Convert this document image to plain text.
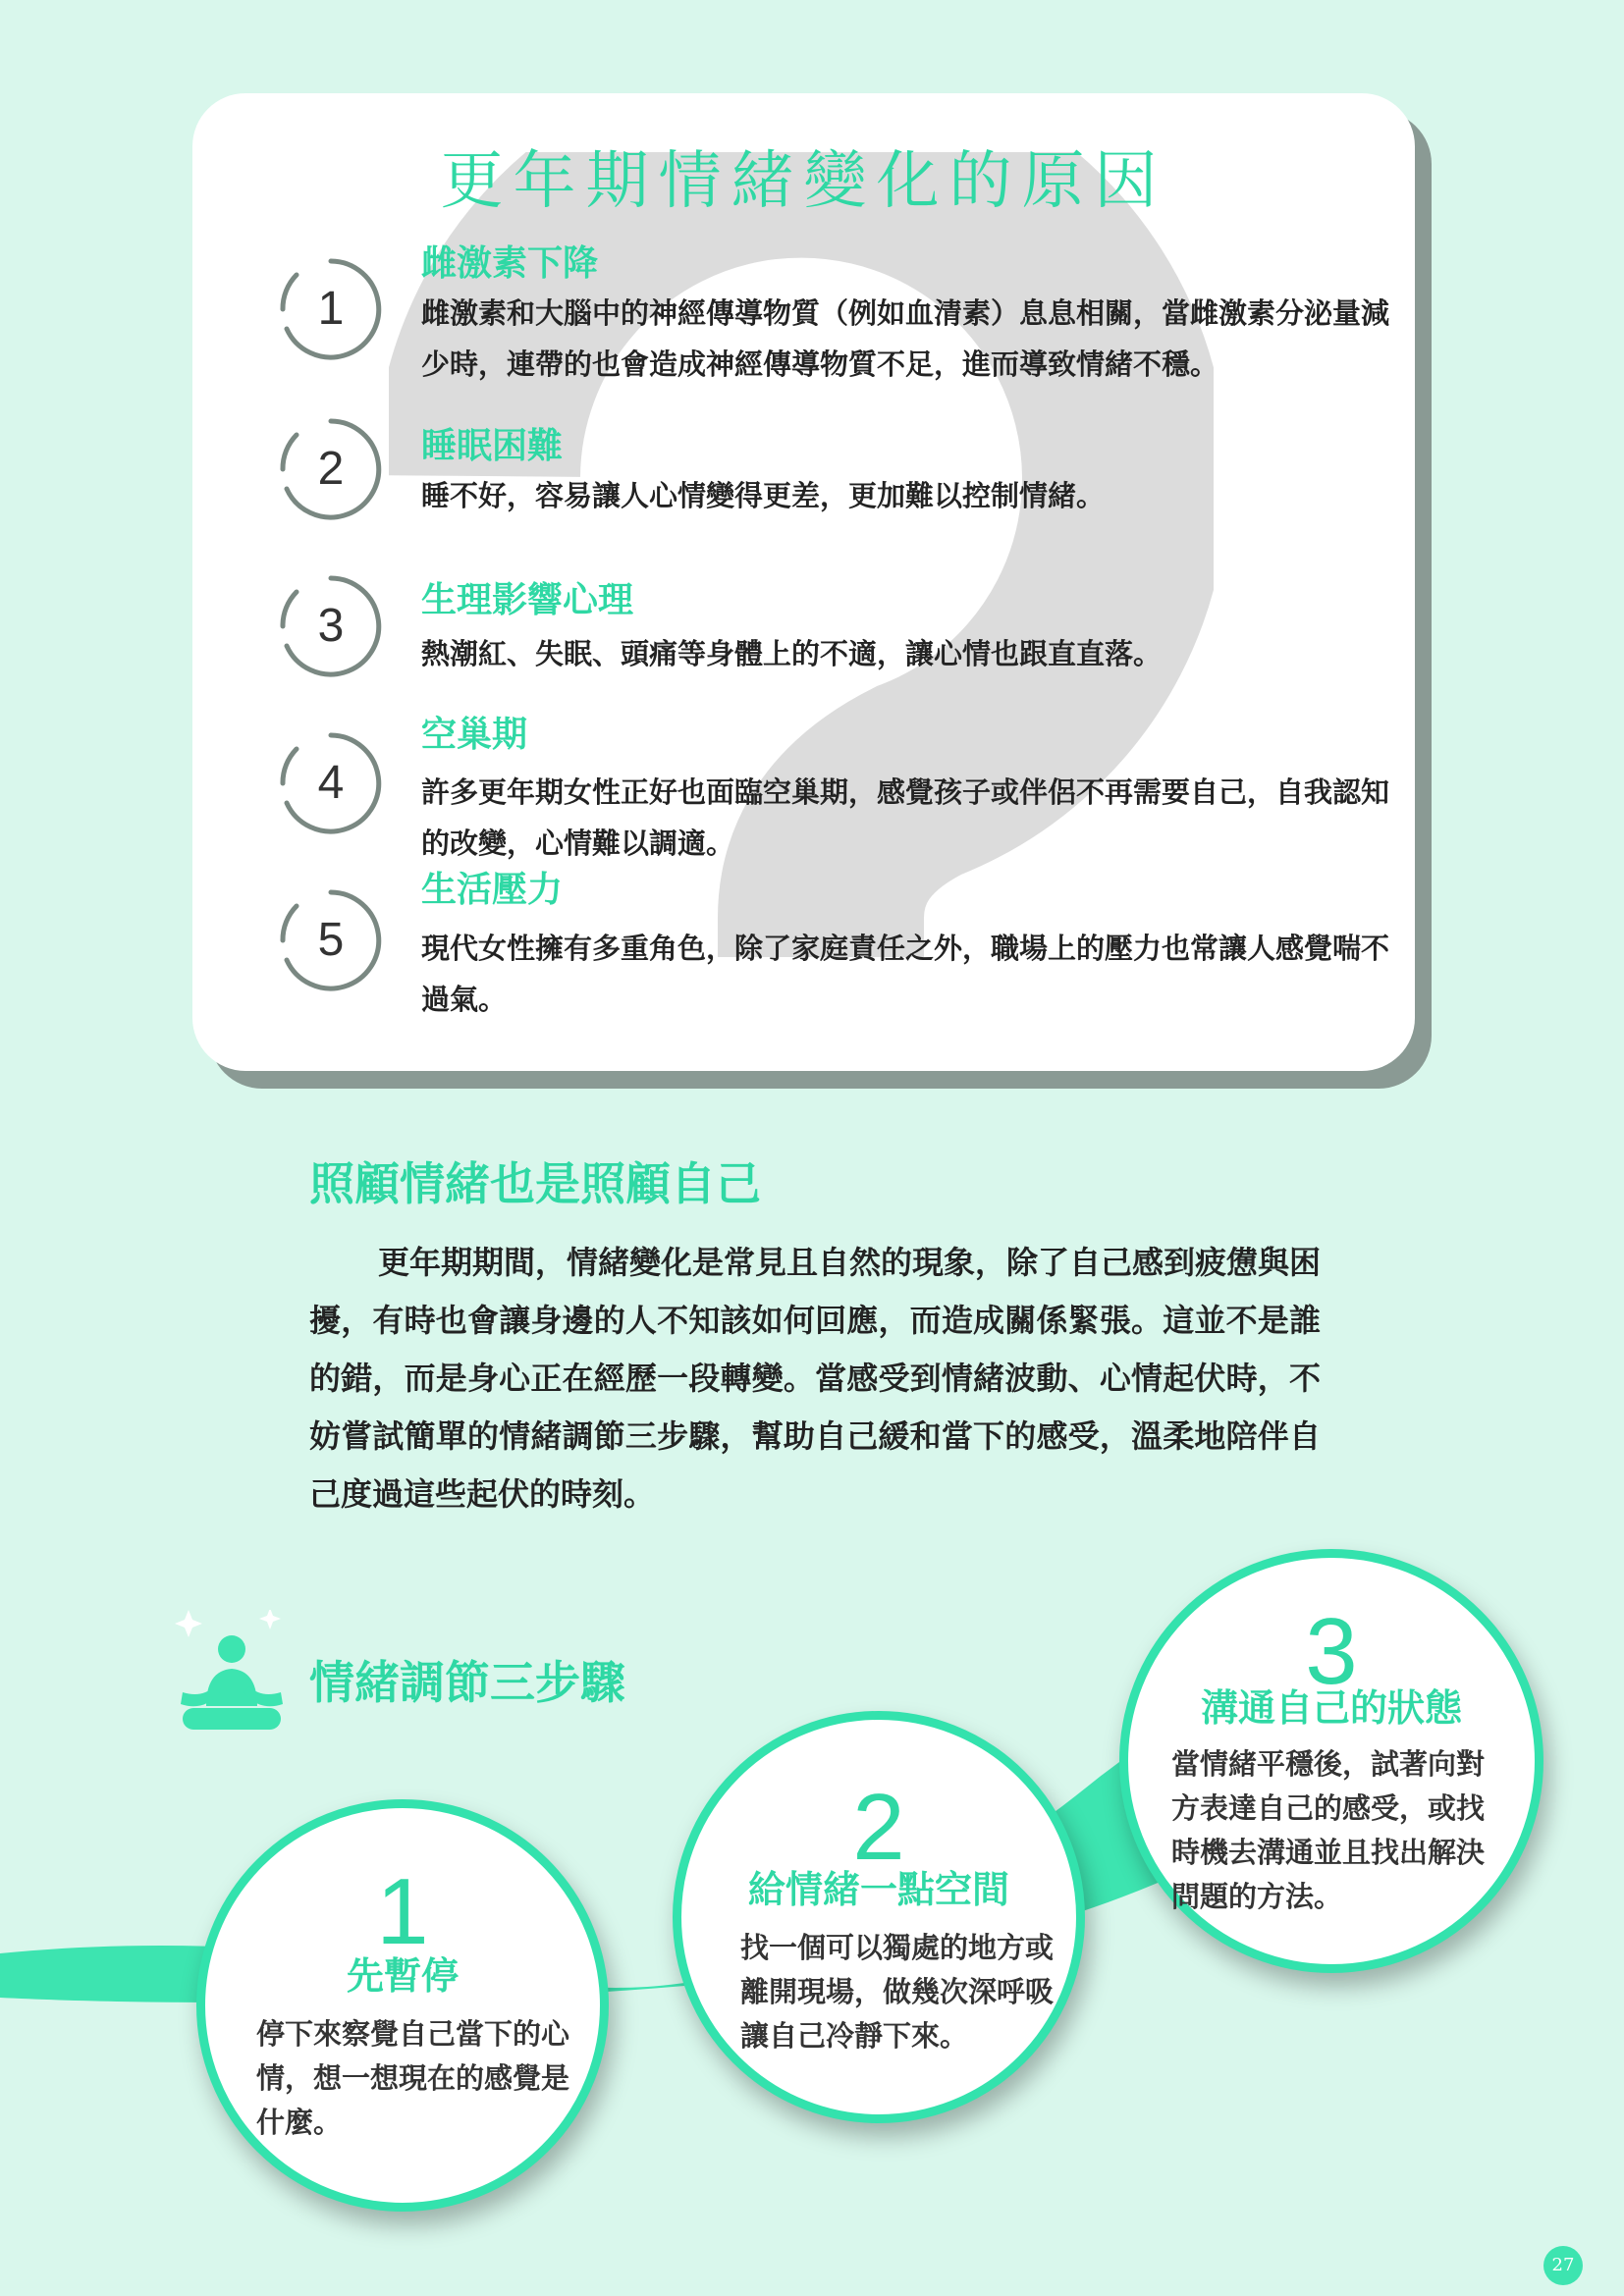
更年期情緒變化的原因
1
雌激素下降

雌激素和大腦中的神經傳導物質（例如血清素）息息相關，當雌激素分泌量減少時，連帶的也會造成神經傳導物質不足，進而導致情緒不穩。

2	睡眠困難

睡不好，容易讓人心情變得更差，更加難以控制情緒。

3	生理影響心理

熱潮紅、失眠、頭痛等身體上的不適，讓心情也跟直直落。

4
空巢期

許多更年期女性正好也面臨空巢期，感覺孩子或伴侶不再需要自己，自我認知的改變，心情難以調適。

5
生活壓力

現代女性擁有多重角色，除了家庭責任之外，職場上的壓力也常讓人感覺喘不過氣。

照顧情緒也是照顧自己

更年期期間，情緒變化是常見且自然的現象，除了自己感到疲憊與困擾，有時也會讓身邊的人不知該如何回應，而造成關係緊張。這並不是誰的錯，而是身心正在經歷一段轉變。當感受到情緒波動、心情起伏時，不妨嘗試簡單的情緒調節三步驟，幫助自己緩和當下的感受，溫柔地陪伴自己度過這些起伏的時刻。

情緒調節三步驟
1
先暫停
停下來察覺自己當下的心情，想一想現在的感覺是什麼。
2
給情緒一點空間
找一個可以獨處的地方或離開現場，做幾次深呼吸讓自己冷靜下來。
3
溝通自己的狀態
當情緒平穩後，試著向對方表達自己的感受，或找時機去溝通並且找出解決問題的方法。
27
